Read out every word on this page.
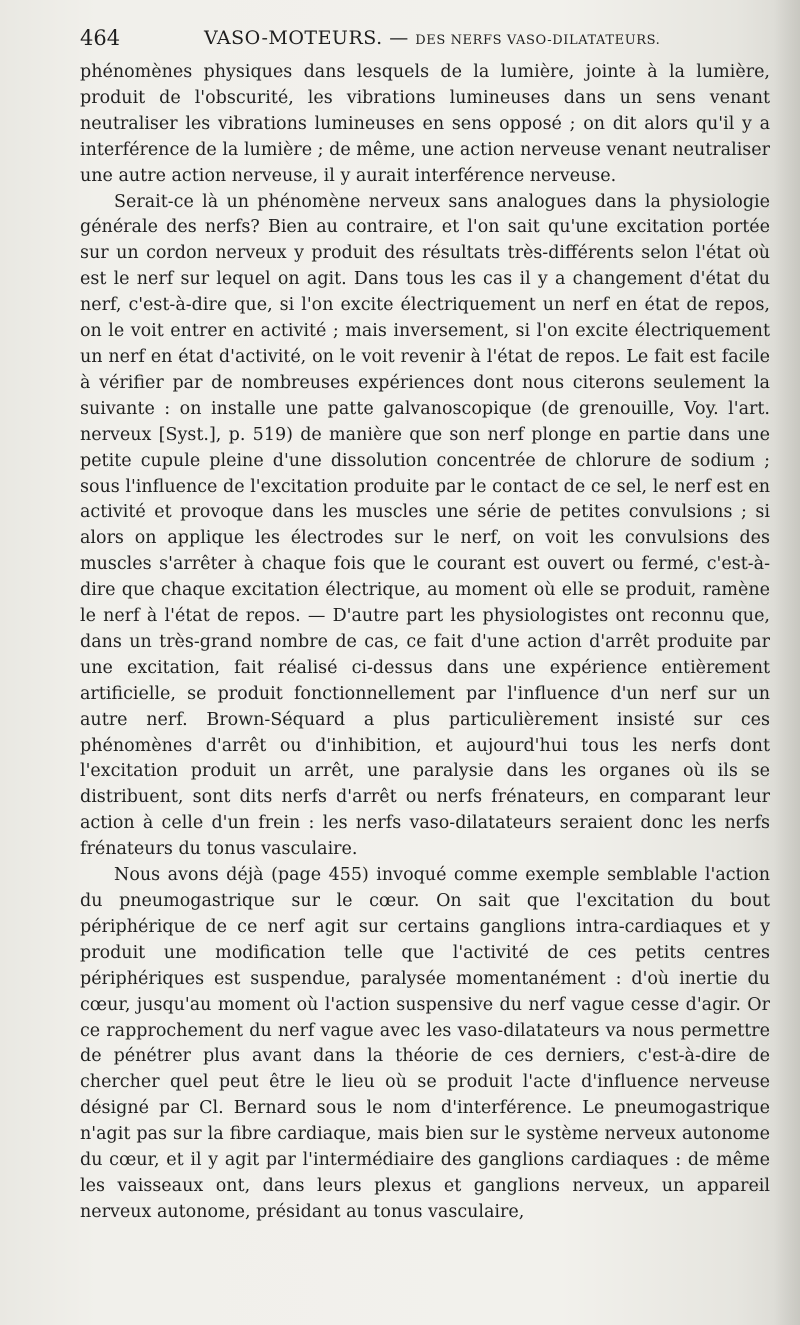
464	VASO-MOTEURS. — DES NERFS VASO-DILATATEURS.

phénomènes physiques dans lesquels de la lumière, jointe à la lumière, produit de l'obscurité, les vibrations lumineuses dans un sens venant neutraliser les vibrations lumineuses en sens opposé ; on dit alors qu'il y a interférence de la lumière ; de même, une action nerveuse venant neutraliser une autre action nerveuse, il y aurait interférence nerveuse.

Serait-ce là un phénomène nerveux sans analogues dans la physiologie générale des nerfs? Bien au contraire, et l'on sait qu'une excitation portée sur un cordon nerveux y produit des résultats très-différents selon l'état où est le nerf sur lequel on agit. Dans tous les cas il y a changement d'état du nerf, c'est-à-dire que, si l'on excite électriquement un nerf en état de repos, on le voit entrer en activité ; mais inversement, si l'on excite électriquement un nerf en état d'activité, on le voit revenir à l'état de repos. Le fait est facile à vérifier par de nombreuses expériences dont nous citerons seulement la suivante : on installe une patte galvanoscopique (de grenouille, Voy. l'art. nerveux [Syst.], p. 519) de manière que son nerf plonge en partie dans une petite cupule pleine d'une dissolution concentrée de chlorure de sodium ; sous l'influence de l'excitation produite par le contact de ce sel, le nerf est en activité et provoque dans les muscles une série de petites convulsions ; si alors on applique les électrodes sur le nerf, on voit les convulsions des muscles s'arrêter à chaque fois que le courant est ouvert ou fermé, c'est-à-dire que chaque excitation électrique, au moment où elle se produit, ramène le nerf à l'état de repos. — D'autre part les physiologistes ont reconnu que, dans un très-grand nombre de cas, ce fait d'une action d'arrêt produite par une excitation, fait réalisé ci-dessus dans une expérience entièrement artificielle, se produit fonctionnellement par l'influence d'un nerf sur un autre nerf. Brown-Séquard a plus particulièrement insisté sur ces phénomènes d'arrêt ou d'inhibition, et aujourd'hui tous les nerfs dont l'excitation produit un arrêt, une paralysie dans les organes où ils se distribuent, sont dits nerfs d'arrêt ou nerfs frénateurs, en comparant leur action à celle d'un frein : les nerfs vaso-dilatateurs seraient donc les nerfs frénateurs du tonus vasculaire.

Nous avons déjà (page 455) invoqué comme exemple semblable l'action du pneumogastrique sur le cœur. On sait que l'excitation du bout périphérique de ce nerf agit sur certains ganglions intra-cardiaques et y produit une modification telle que l'activité de ces petits centres périphériques est suspendue, paralysée momentanément : d'où inertie du cœur, jusqu'au moment où l'action suspensive du nerf vague cesse d'agir. Or ce rapprochement du nerf vague avec les vaso-dilatateurs va nous permettre de pénétrer plus avant dans la théorie de ces derniers, c'est-à-dire de chercher quel peut être le lieu où se produit l'acte d'influence nerveuse désigné par Cl. Bernard sous le nom d'interférence. Le pneumogastrique n'agit pas sur la fibre cardiaque, mais bien sur le système nerveux autonome du cœur, et il y agit par l'intermédiaire des ganglions cardiaques : de même les vaisseaux ont, dans leurs plexus et ganglions nerveux, un appareil nerveux autonome, présidant au tonus vasculaire,
